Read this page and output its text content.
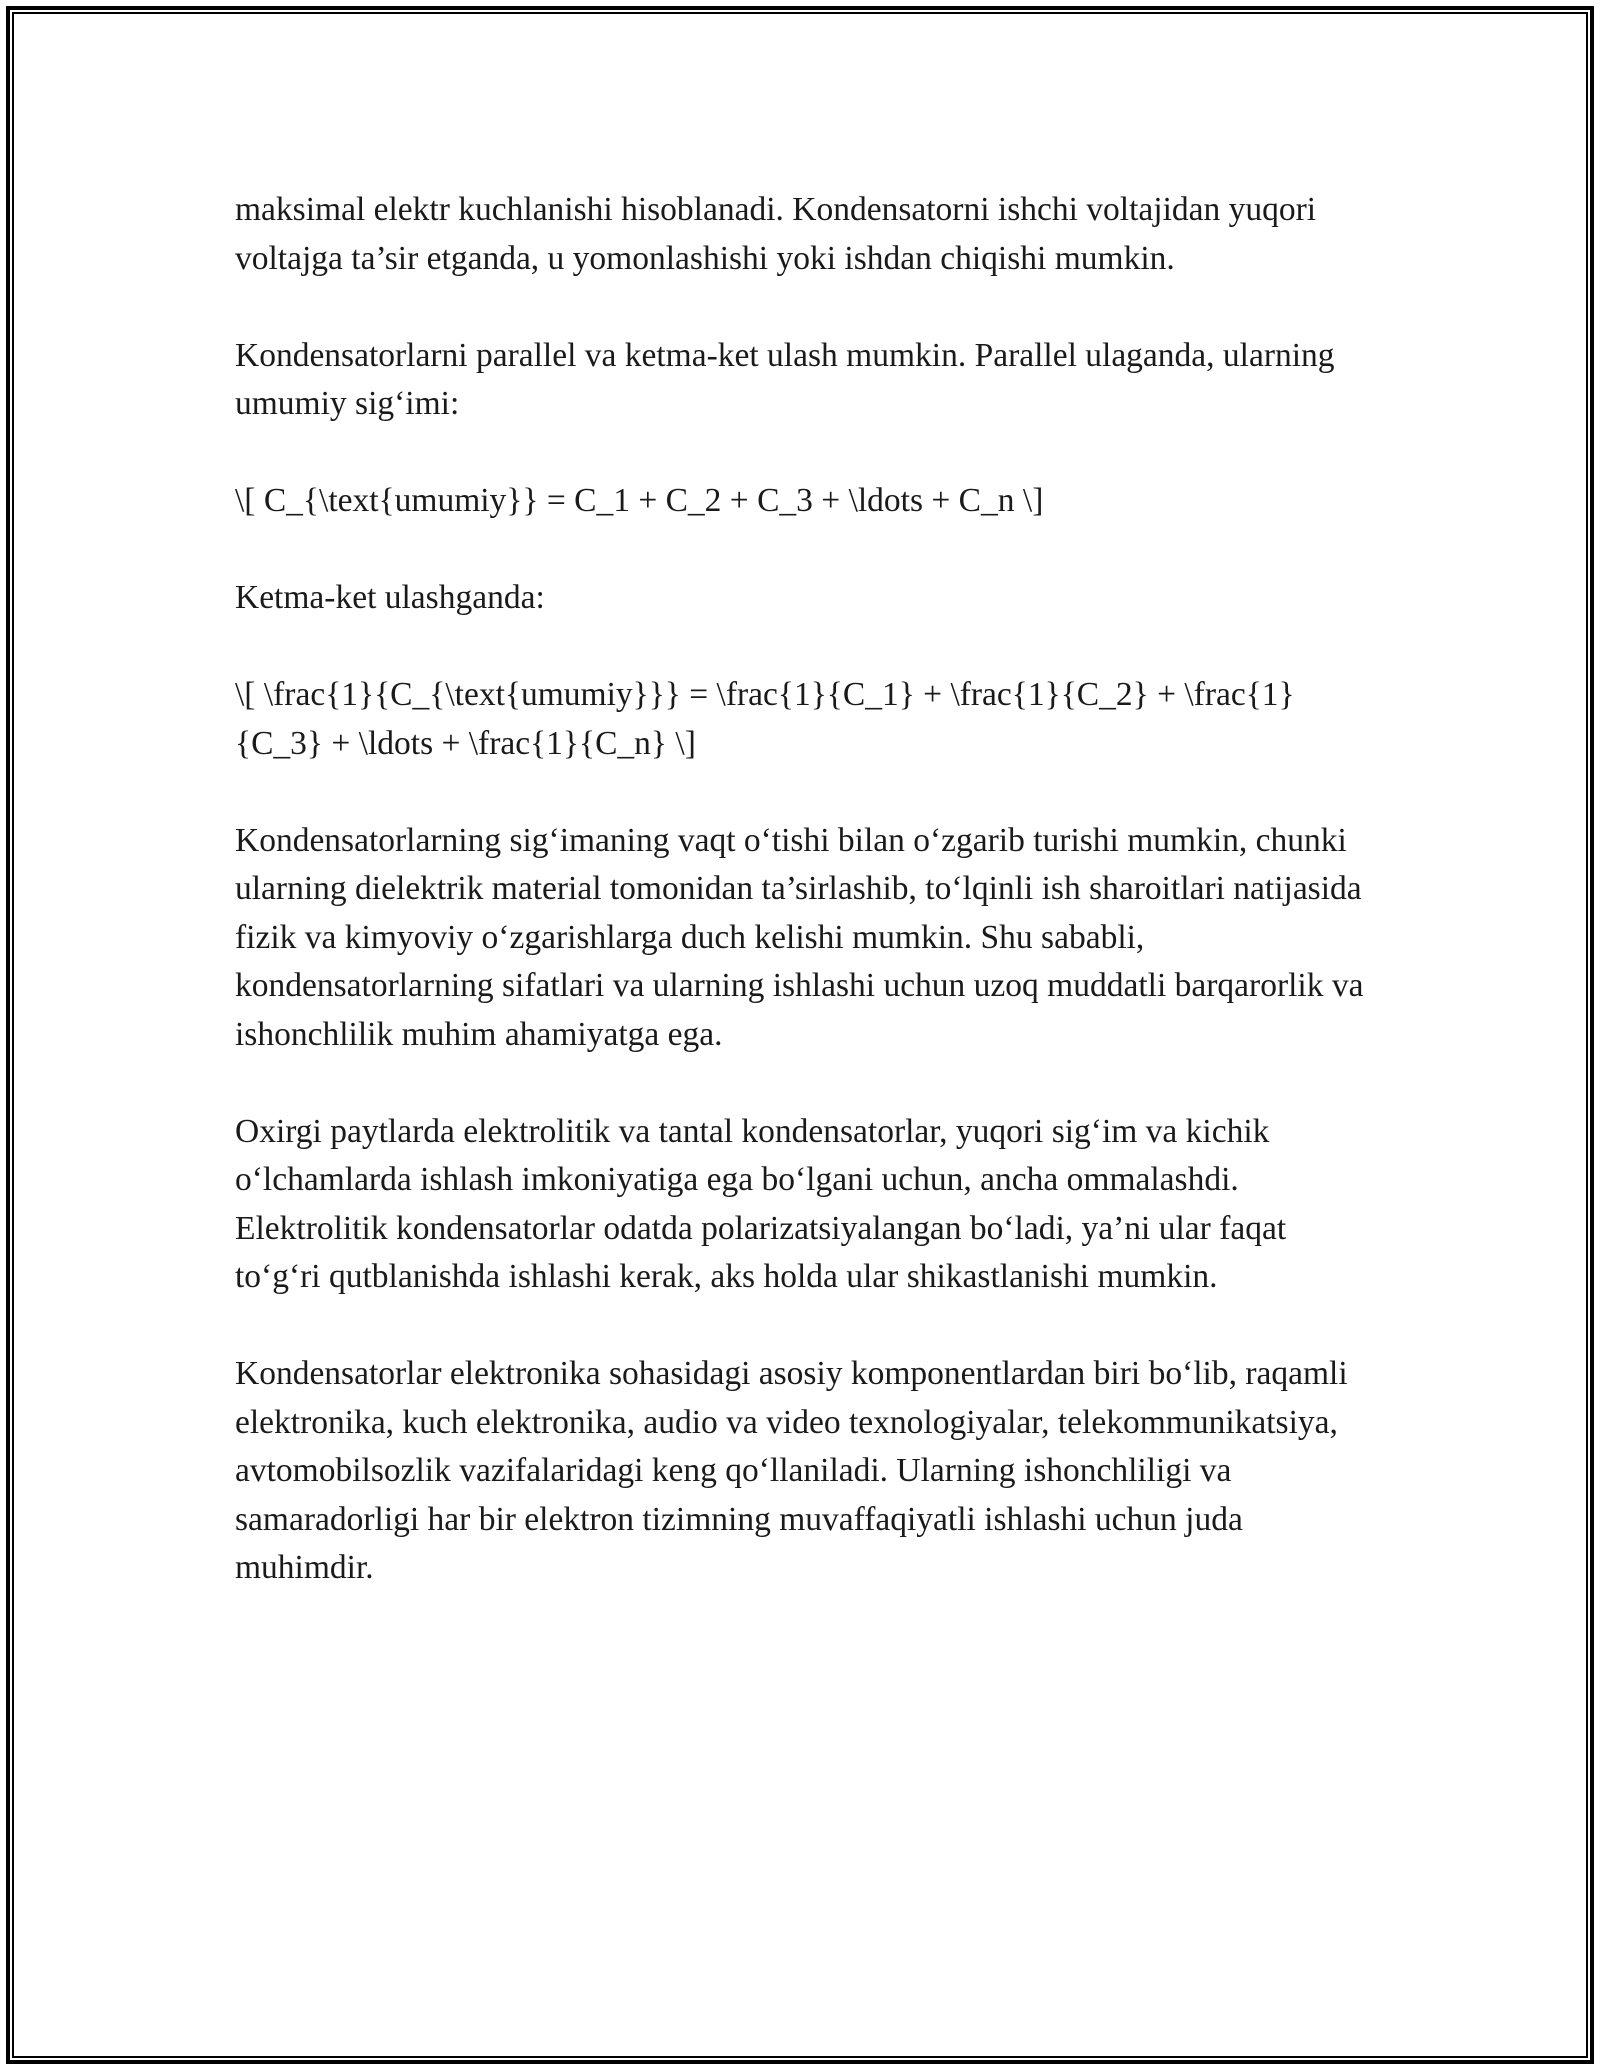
maksimal elektr kuchlanishi hisoblanadi. Kondensatorni ishchi voltajidan yuqori voltajga ta’sir etganda, u yomonlashishi yoki ishdan chiqishi mumkin.

Kondensatorlarni parallel va ketma-ket ulash mumkin. Parallel ulaganda, ularning umumiy sig‘imi:

\[ C_{\text{umumiy}} = C_1 + C_2 + C_3 + \ldots + C_n \]

Ketma-ket ulashganda:

\[ \frac{1}{C_{\text{umumiy}}} = \frac{1}{C_1} + \frac{1}{C_2} + \frac{1}{C_3} + \ldots + \frac{1}{C_n} \]

Kondensatorlarning sig‘imaning vaqt o‘tishi bilan o‘zgarib turishi mumkin, chunki ularning dielektrik material tomonidan ta’sirlashib, to‘lqinli ish sharoitlari natijasida fizik va kimyoviy o‘zgarishlarga duch kelishi mumkin. Shu sababli, kondensatorlarning sifatlari va ularning ishlashi uchun uzoq muddatli barqarorlik va ishonchlilik muhim ahamiyatga ega.

Oxirgi paytlarda elektrolitik va tantal kondensatorlar, yuqori sig‘im va kichik o‘lchamlarda ishlash imkoniyatiga ega bo‘lgani uchun, ancha ommalashdi. Elektrolitik kondensatorlar odatda polarizatsiyalangan bo‘ladi, ya’ni ular faqat to‘g‘ri qutblanishda ishlashi kerak, aks holda ular shikastlanishi mumkin.

Kondensatorlar elektronika sohasidagi asosiy komponentlardan biri bo‘lib, raqamli elektronika, kuch elektronika, audio va video texnologiyalar, telekommunikatsiya, avtomobilsozlik vazifalaridagi keng qo‘llaniladi. Ularning ishonchliligi va samaradorligi har bir elektron tizimning muvaffaqiyatli ishlashi uchun juda muhimdir.
